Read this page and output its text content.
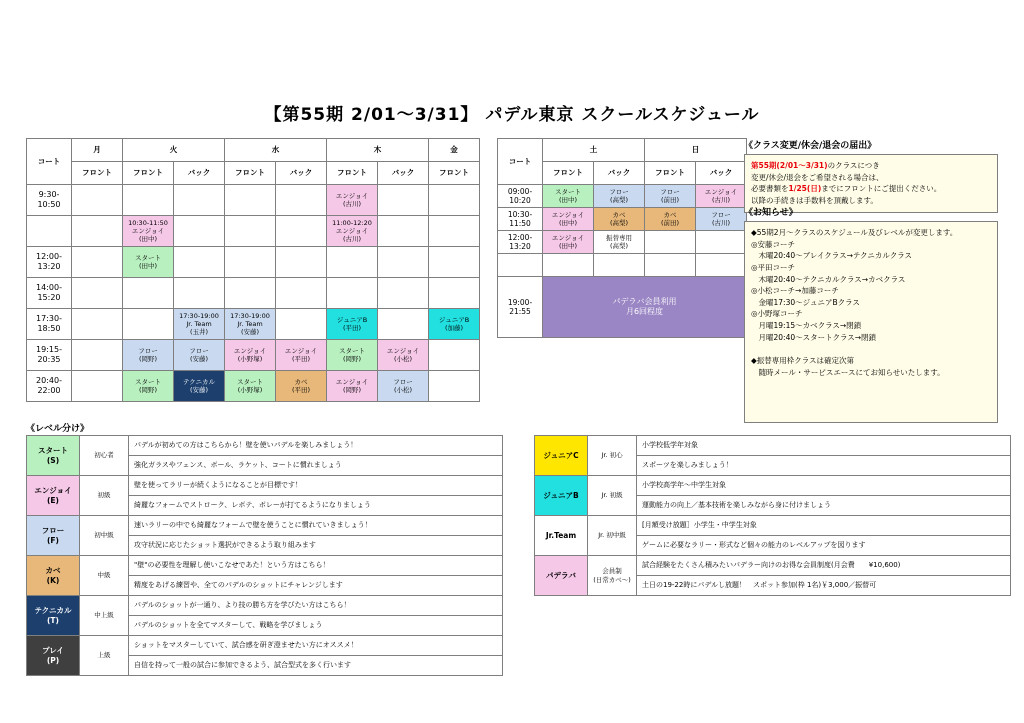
【第55期 2/01〜3/31】 パデル東京 スクールスケジュール
コート	月	火		水		木		金
	フロント	フロント	バック	フロント	バック	フロント	バック	フロント
9:30-
10:50						エンジョイ
(古川)		
		10:30-11:50
エンジョイ
(田中)				11:00-12:20
エンジョイ
(古川)		
12:00-
13:20		スタート
(田中)						
14:00-
15:20								
17:30-
18:50			17:30-19:00
Jr. Team
(玉井)	17:30-19:00
Jr. Team
(安藤)		ジュニアB
(平田)		ジュニアB
(加藤)
19:15-
20:35		フロー
(岡野)	フロー
(安藤)	エンジョイ
(小野塚)	エンジョイ
(平田)	スタート
(岡野)	エンジョイ
(小松)	
20:40-
22:00		スタート
(岡野)	テクニカル
(安藤)	スタート
(小野塚)	カベ
(平田)	エンジョイ
(岡野)	フロー
(小松)	
コート	土		日	
	フロント	バック	フロント	バック
09:00-
10:20	スタート
(田中)	フロー
(高梨)	フロー
(前田)	エンジョイ
(古川)
10:30-
11:50	エンジョイ
(田中)	カベ
(高梨)	カベ
(前田)	フロー
(古川)
12:00-
13:20	エンジョイ
(田中)	振替専用
(高梨)		

19:00-
21:55	パデラバ会員利用
月6回程度			
《クラス変更/休会/退会の届出》
第55期(2/01〜3/31)のクラスにつき
変更/休会/退会をご希望される場合は、
必要書類を1/25(日)までにフロントにご提出ください。
以降の手続きは手数料を頂戴します。
《お知らせ》
◆55期2月〜クラスのスケジュール及びレベルが変更します。
◎安藤コーチ
　木曜20:40〜ブレイクラス→テクニカルクラス
◎平田コーチ
　木曜20:40〜テクニカルクラス→カベクラス
◎小松コーチ→加藤コーチ
　金曜17:30〜ジュニアBクラス
◎小野塚コーチ
　月曜19:15〜カベクラス→閉鎖
　月曜20:40〜スタートクラス→閉鎖

◆振替専用枠クラスは確定次第
　随時メール・サービスエースにてお知らせいたします。
《レベル分け》
スタート
(S)	初心者	パデルが初めての方はこちらから！壁を使いパデルを楽しみましょう！
		強化ガラスやフェンス、ボール、ラケット、コートに慣れましょう
エンジョイ
(E)	初級	壁を使ってラリーが続くようになることが目標です！
		綺麗なフォームでストローク、レボテ、ボレーが打てるようになりましょう
フロー
(F)	初中級	速いラリーの中でも綺麗なフォームで壁を使うことに慣れていきましょう！
		攻守状況に応じたショット選択ができるよう取り組みます
カベ
(K)	中級	"壁"の必要性を理解し使いこなせであた！という方はこちら！
		精度をあげる練習や、全てのパデルのショットにチャレンジします
テクニカル
(T)	中上級	パデルのショットが一通り、より技の勝ち方を学びたい方はこちら！
		パデルのショットを全てマスターして、戦略を学びましょう
プレイ
(P)	上級	ショットをマスターしていて、試合感を研ぎ澄ませたい方にオススメ！
		自信を持って一般の試合に参加できるよう、試合型式を多く行います
ジュニアC	Jr. 初心	小学校低学年対象
		スポーツを楽しみましょう！
ジュニアB	Jr. 初級	小学校高学年〜中学生対象
		運動能力の向上／基本技術を楽しみながら身に付けましょう
Jr.Team	Jr. 初中級	[月額受け放題］小学生・中学生対象
		ゲームに必要なラリー・形式など個々の能力のレベルアップを図ります
パデラバ	会員制
(日常カベ〜)	試合経験をたくさん積みたいパデラー向けのお得な会員制度(月会費　　¥10,600)
		土日の19-22時にパデルし放題！　スポット参加(枠 1名)￥3,000／振替可
